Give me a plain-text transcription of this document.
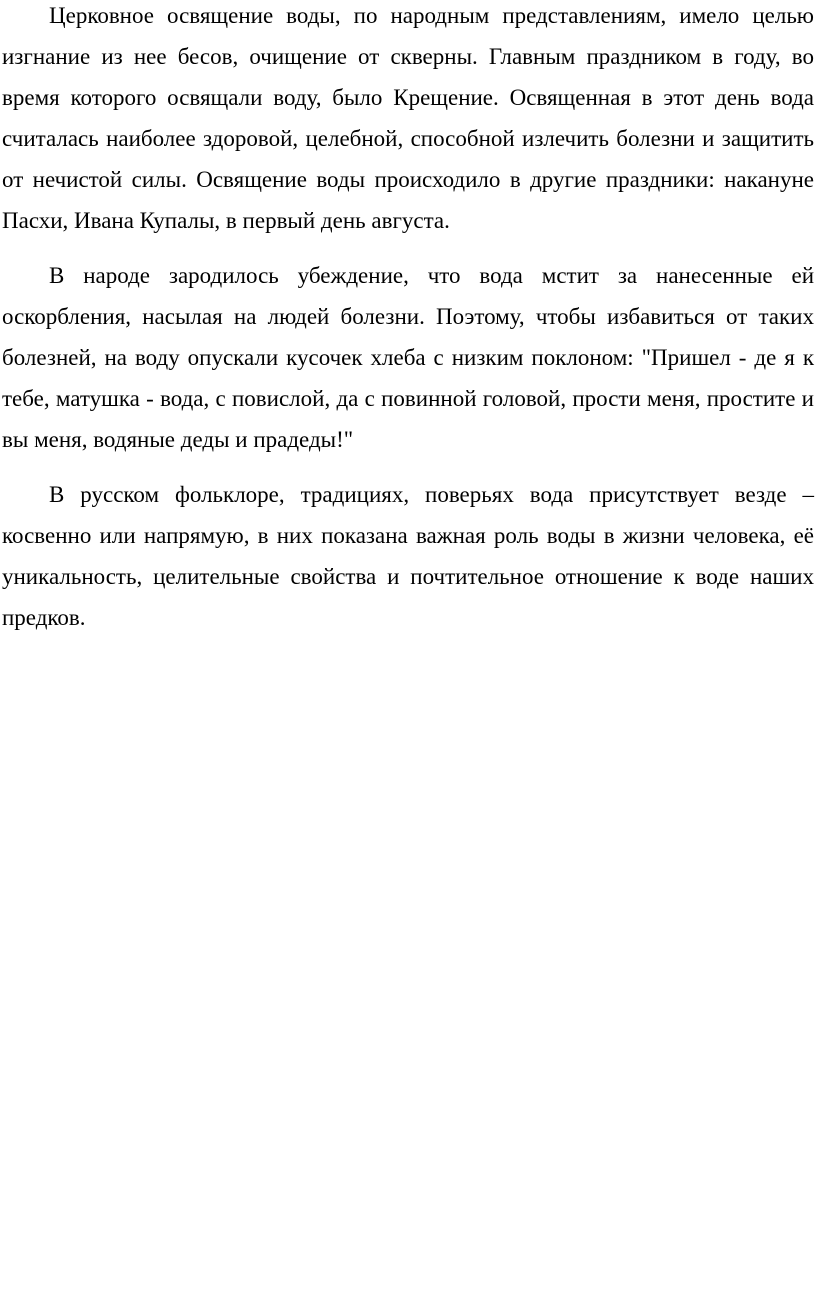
Церковное освящение воды, по народным представлениям, имело целью изгнание из нее бесов, очищение от скверны. Главным праздником в году, во время которого освящали воду, было Крещение. Освященная в этот день вода считалась наиболее здоровой, целебной, способной излечить болезни и защитить от нечистой силы. Освящение воды происходило в другие праздники: накануне Пасхи, Ивана Купалы, в первый день августа.

В народе зародилось убеждение, что вода мстит за нанесенные ей оскорбления, насылая на людей болезни. Поэтому, чтобы избавиться от таких болезней, на воду опускали кусочек хлеба с низким поклоном: "Пришел - де я к тебе, матушка - вода, с повислой, да с повинной головой, прости меня, простите и вы меня, водяные деды и прадеды!"

В русском фольклоре, традициях, поверьях вода присутствует везде – косвенно или напрямую, в них показана важная роль воды в жизни человека, её уникальность, целительные свойства и почтительное отношение к воде наших предков.
